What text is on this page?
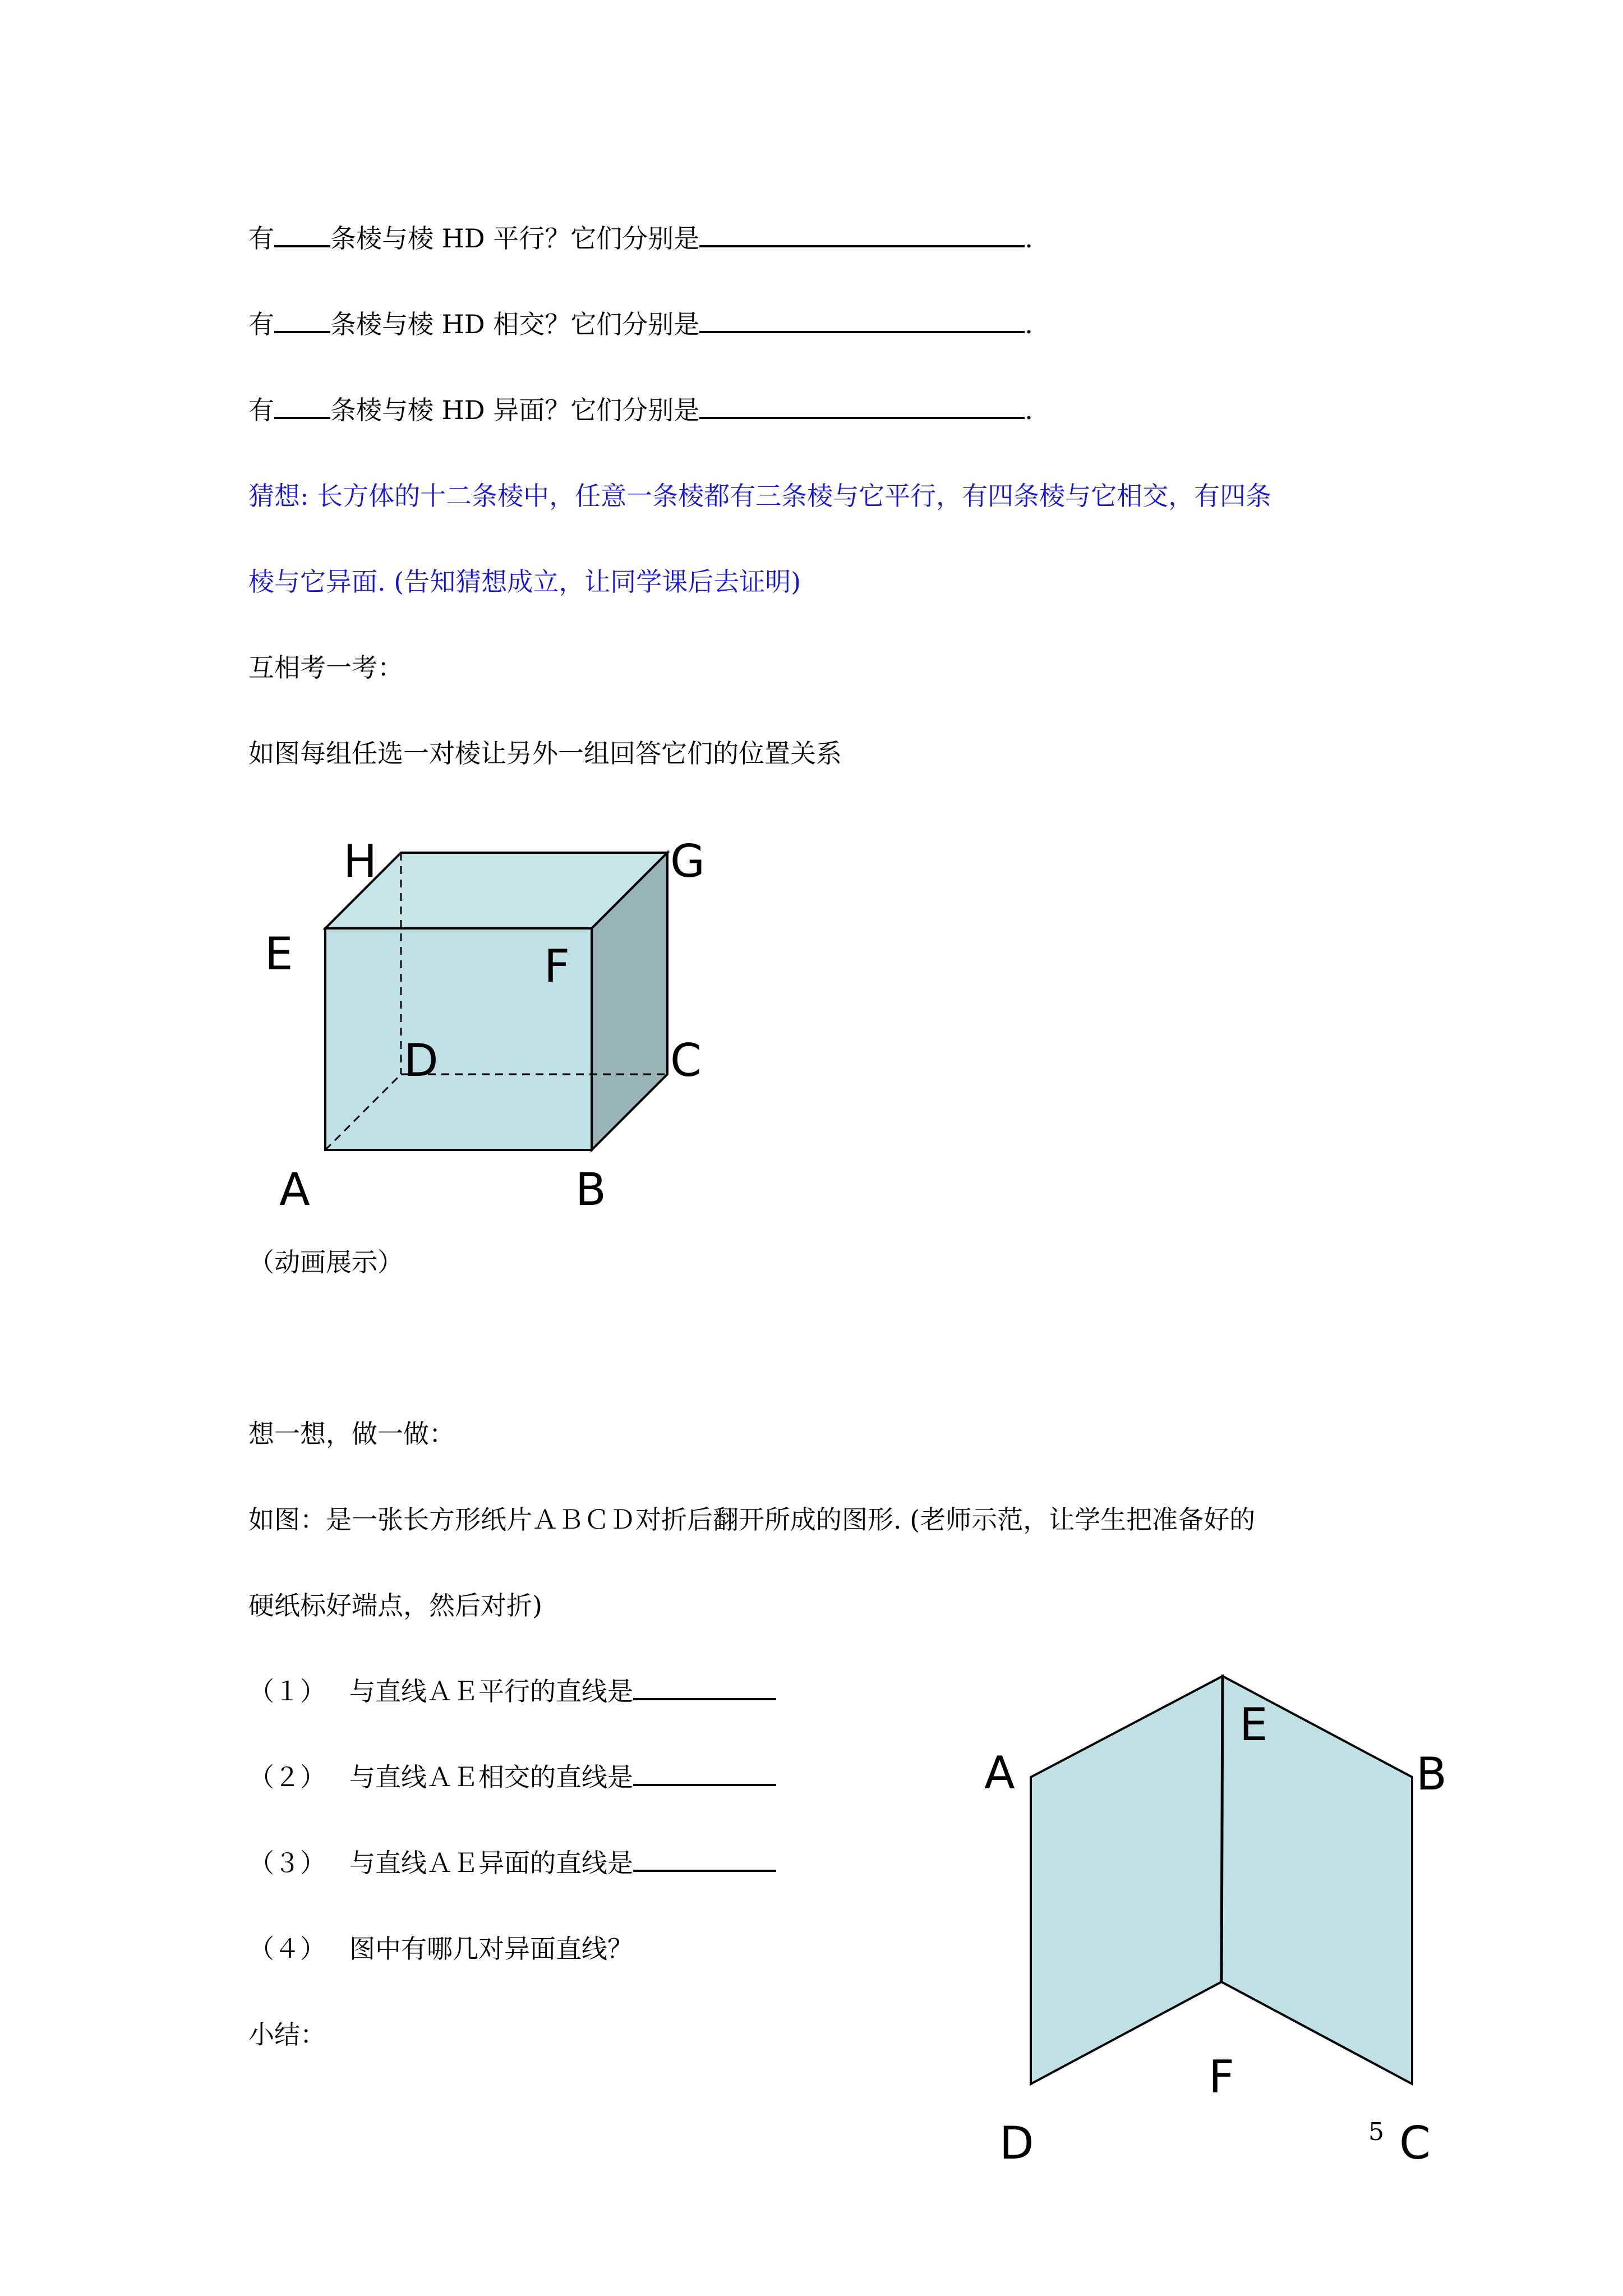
有 条棱与棱 HD 平行？它们分别是	.
有 条棱与棱 HD 相交？它们分别是	.
有 条棱与棱 HD 异面？它们分别是	.
猜想: 长方体的十二条棱中，任意一条棱都有三条棱与它平行，有四条棱与它相交，有四条
棱与它异面. (告知猜想成立，让同学课后去证明)
互相考一考：
如图每组任选一对棱让另外一组回答它们的位置关系
H	G
E	F
D	C
A	B
（动画展示）
想一想，做一做：
如图：是一张长方形纸片ＡＢＣＤ对折后翻开所成的图形. (老师示范，让学生把准备好的
硬纸标好端点，然后对折)
（１） 与直线ＡＥ平行的直线是
（２） 与直线ＡＥ相交的直线是
（３） 与直线ＡＥ异面的直线是
（４） 图中有哪几对异面直线？
小结：
A
E
B
F
D	C
5
